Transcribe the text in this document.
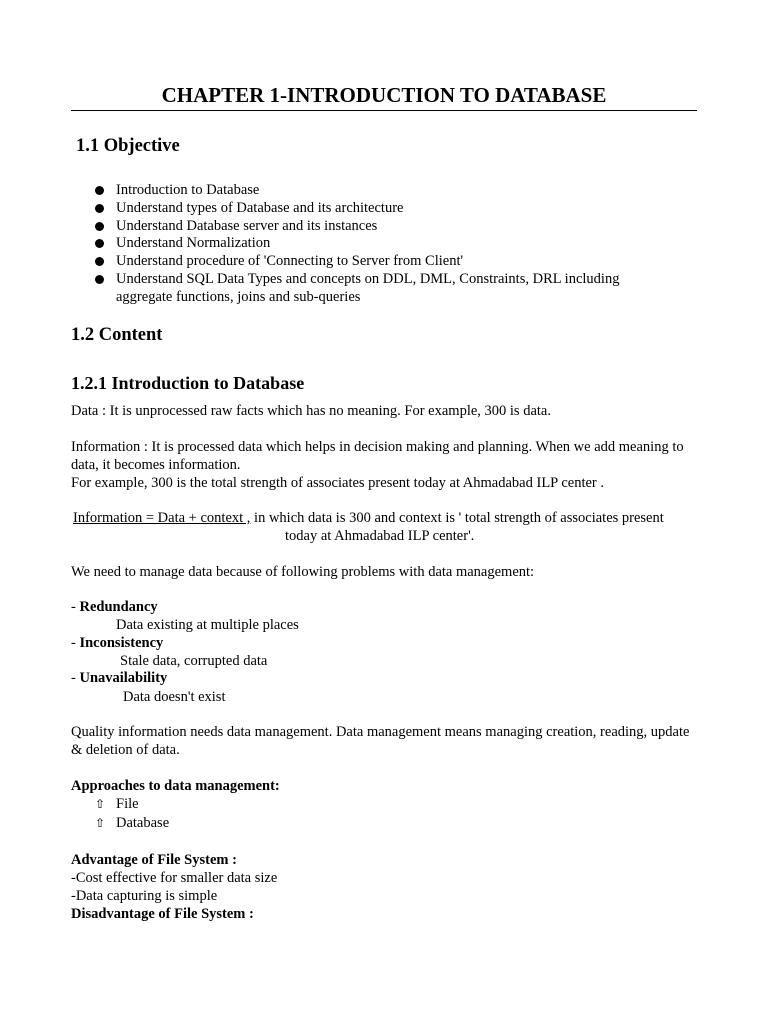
CHAPTER 1-INTRODUCTION TO DATABASE
1.1 Objective
Introduction to Database
Understand types of Database and its architecture
Understand Database server and its instances
Understand Normalization
Understand procedure of 'Connecting to Server from Client'
Understand SQL Data Types and concepts on DDL, DML, Constraints, DRL including aggregate functions, joins and sub-queries
1.2 Content
1.2.1 Introduction to Database
Data : It is unprocessed raw facts which has no meaning. For example, 300 is data.
Information : It is processed data which helps in decision making and planning. When we add meaning to data, it becomes information.
For example, 300 is the total strength of associates present today at Ahmadabad ILP center .
Information = Data + context , in which data is 300 and context is ' total strength of associates present
today at Ahmadabad ILP center'.
We need to manage data because of following problems with data management:
- Redundancy
Data existing at multiple places
- Inconsistency
Stale data, corrupted data
- Unavailability
Data doesn't exist
Quality information needs data management. Data management means managing creation, reading, update & deletion of data.
Approaches to data management:
⇧ File
⇧ Database
Advantage of File System :
-Cost effective for smaller data size
-Data capturing is simple
Disadvantage of File System :
